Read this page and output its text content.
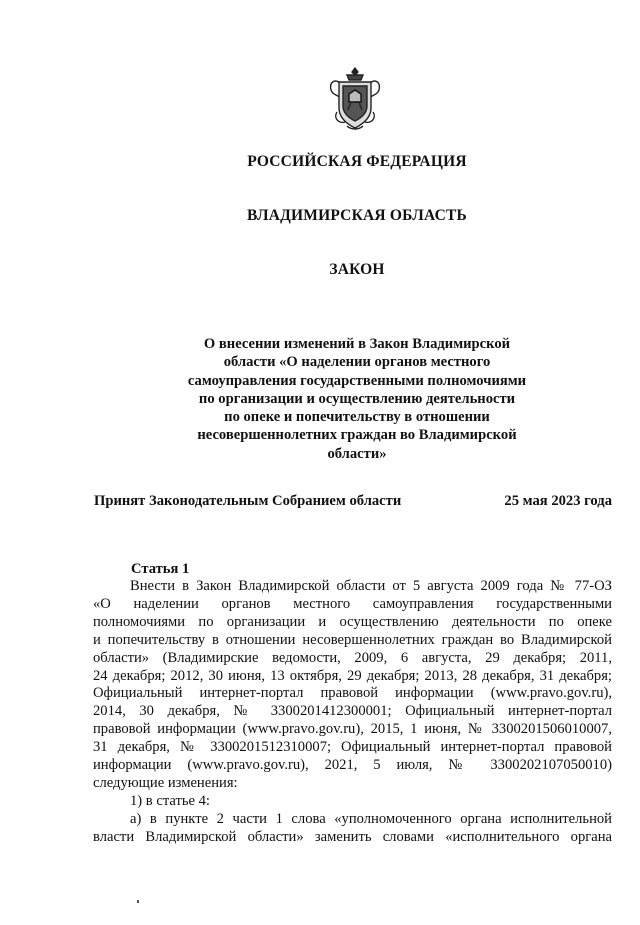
РОССИЙСКАЯ ФЕДЕРАЦИЯ
ВЛАДИМИРСКАЯ ОБЛАСТЬ
ЗАКОН
О внесении изменений в Закон Владимирской
области «О наделении органов местного
самоуправления государственными полномочиями
по организации и осуществлению деятельности
по опеке и попечительству в отношении
несовершеннолетних граждан во Владимирской
области»
Принят Законодательным Собранием области	25 мая 2023 года
Статья 1
Внести в Закон Владимирской области от 5 августа 2009 года № 77-ОЗ
«О наделении органов местного самоуправления государственными
полномочиями по организации и осуществлению деятельности по опеке
и попечительству в отношении несовершеннолетних граждан во Владимирской
области» (Владимирские ведомости, 2009, 6 августа, 29 декабря; 2011,
24 декабря; 2012, 30 июня, 13 октября, 29 декабря; 2013, 28 декабря, 31 декабря;
Официальный интернет-портал правовой информации (www.pravo.gov.ru),
2014, 30 декабря, № 3300201412300001; Официальный интернет-портал
правовой информации (www.pravo.gov.ru), 2015, 1 июня, № 3300201506010007,
31 декабря, № 3300201512310007; Официальный интернет-портал правовой
информации (www.pravo.gov.ru), 2021, 5 июля, № 3300202107050010)
следующие изменения:
1) в статье 4:
а) в пункте 2 части 1 слова «уполномоченного органа исполнительной
власти Владимирской области» заменить словами «исполнительного органа
